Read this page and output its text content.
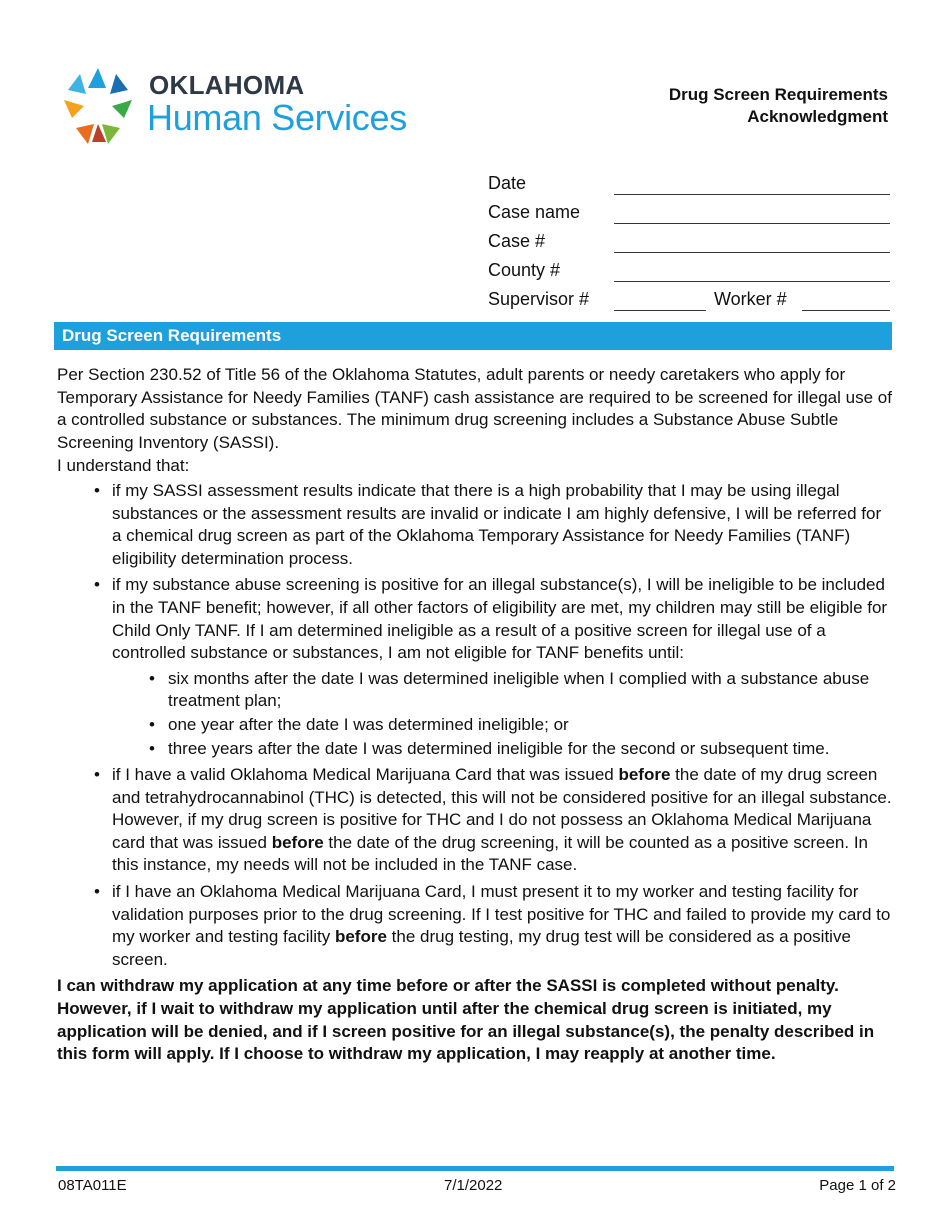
OKLAHOMA
Human Services
Drug Screen Requirements
Acknowledgment
Date
Case name
Case #
County #
Supervisor #	Worker #
Drug Screen Requirements

Per Section 230.52 of Title 56 of the Oklahoma Statutes, adult parents or needy caretakers who apply for Temporary Assistance for Needy Families (TANF) cash assistance are required to be screened for illegal use of a controlled substance or substances. The minimum drug screening includes a Substance Abuse Subtle Screening Inventory (SASSI).

I understand that:

• if my SASSI assessment results indicate that there is a high probability that I may be using illegal substances or the assessment results are invalid or indicate I am highly defensive, I will be referred for a chemical drug screen as part of the Oklahoma Temporary Assistance for Needy Families (TANF) eligibility determination process.
• if my substance abuse screening is positive for an illegal substance(s), I will be ineligible to be included in the TANF benefit; however, if all other factors of eligibility are met, my children may still be eligible for Child Only TANF. If I am determined ineligible as a result of a positive screen for illegal use of a controlled substance or substances, I am not eligible for TANF benefits until:
• six months after the date I was determined ineligible when I complied with a substance abuse treatment plan;
• one year after the date I was determined ineligible; or
• three years after the date I was determined ineligible for the second or subsequent time.
• if I have a valid Oklahoma Medical Marijuana Card that was issued before the date of my drug screen and tetrahydrocannabinol (THC) is detected, this will not be considered positive for an illegal substance. However, if my drug screen is positive for THC and I do not possess an Oklahoma Medical Marijuana card that was issued before the date of the drug screening, it will be counted as a positive screen. In this instance, my needs will not be included in the TANF case.
• if I have an Oklahoma Medical Marijuana Card, I must present it to my worker and testing facility for validation purposes prior to the drug screening. If I test positive for THC and failed to provide my card to my worker and testing facility before the drug testing, my drug test will be considered as a positive screen.

I can withdraw my application at any time before or after the SASSI is completed without penalty. However, if I wait to withdraw my application until after the chemical drug screen is initiated, my application will be denied, and if I screen positive for an illegal substance(s), the penalty described in this form will apply. If I choose to withdraw my application, I may reapply at another time.

08TA011E	7/1/2022	Page 1 of 2
